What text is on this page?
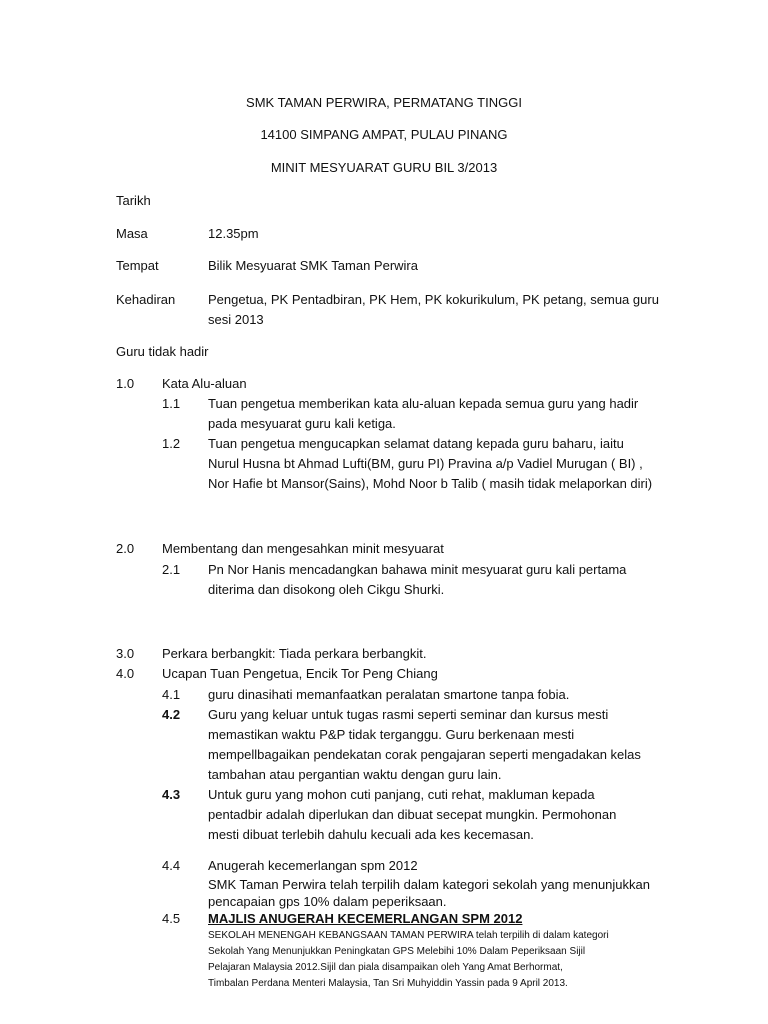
SMK TAMAN PERWIRA, PERMATANG TINGGI
14100 SIMPANG AMPAT, PULAU PINANG
MINIT MESYUARAT GURU BIL 3/2013
Tarikh
Masa	12.35pm
Tempat	Bilik Mesyuarat SMK Taman Perwira
Kehadiran	Pengetua, PK Pentadbiran, PK Hem, PK kokurikulum, PK petang, semua guru
sesi 2013
Guru tidak hadir
1.0 Kata Alu-aluan
1.1 Tuan pengetua memberikan kata alu-aluan kepada semua guru yang hadir
pada mesyuarat guru kali ketiga.
1.2 Tuan pengetua mengucapkan selamat datang kepada guru baharu, iaitu
Nurul Husna bt Ahmad Lufti(BM, guru PI) Pravina a/p Vadiel Murugan ( BI) ,
Nor Hafie bt Mansor(Sains), Mohd Noor b Talib ( masih tidak melaporkan diri)
2.0 Membentang dan mengesahkan minit mesyuarat
2.1 Pn Nor Hanis mencadangkan bahawa minit mesyuarat guru kali pertama
diterima dan disokong oleh Cikgu Shurki.
3.0 Perkara berbangkit: Tiada perkara berbangkit.
4.0 Ucapan Tuan Pengetua, Encik Tor Peng Chiang
4.1 guru dinasihati memanfaatkan peralatan smartone tanpa fobia.
4.2 Guru yang keluar untuk tugas rasmi seperti seminar dan kursus mesti
memastikan waktu P&P tidak terganggu. Guru berkenaan mesti
mempellbagaikan pendekatan corak pengajaran seperti mengadakan kelas
tambahan atau pergantian waktu dengan guru lain.
4.3 Untuk guru yang mohon cuti panjang, cuti rehat, makluman kepada
pentadbir adalah diperlukan dan dibuat secepat mungkin. Permohonan
mesti dibuat terlebih dahulu kecuali ada kes kecemasan.
4.4 Anugerah kecemerlangan spm 2012
SMK Taman Perwira telah terpilih dalam kategori sekolah yang menunjukkan
pencapaian gps 10% dalam peperiksaan.
4.5 MAJLIS ANUGERAH KECEMERLANGAN SPM 2012
SEKOLAH MENENGAH KEBANGSAAN TAMAN PERWIRA telah terpilih di dalam kategori
Sekolah Yang Menunjukkan Peningkatan GPS Melebihi 10% Dalam Peperiksaan Sijil
Pelajaran Malaysia 2012.Sijil dan piala disampaikan oleh Yang Amat Berhormat,
Timbalan Perdana Menteri Malaysia, Tan Sri Muhyiddin Yassin pada 9 April 2013.
